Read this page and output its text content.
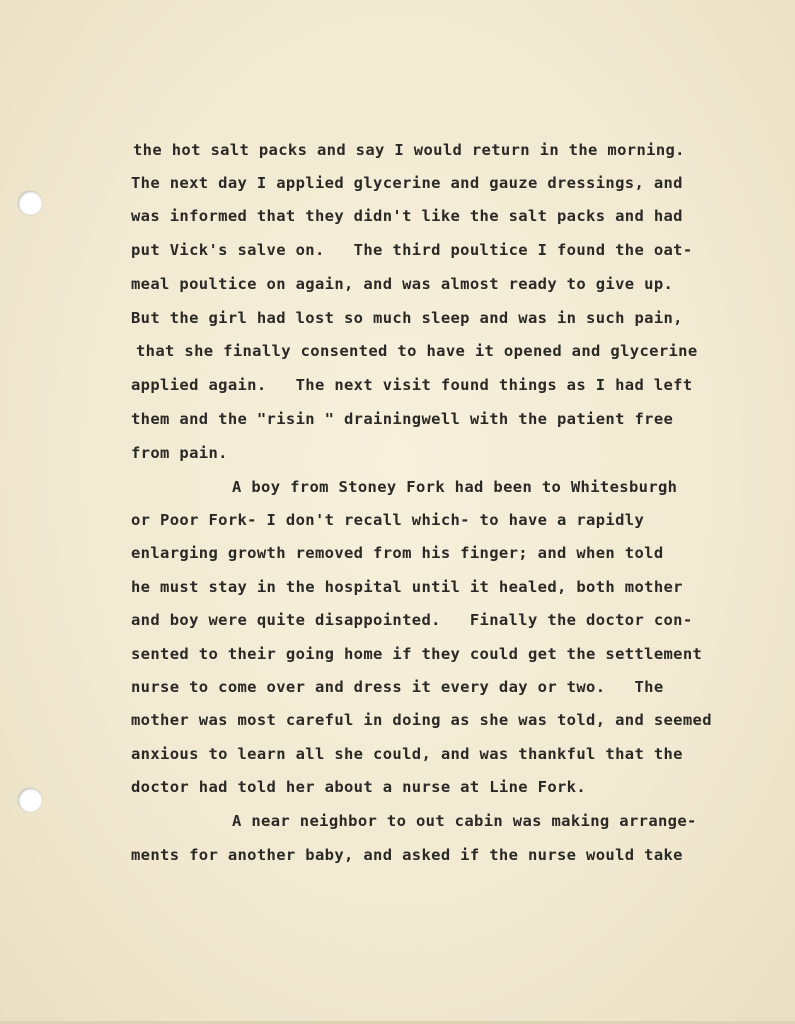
the hot salt packs and say I would return in the morning.

The next day I applied glycerine and gauze dressings, and

was informed that they didn't like the salt packs and had

put Vick's salve on.   The third poultice I found the oat-

meal poultice on again, and was almost ready to give up.

But the girl had lost so much sleep and was in such pain,

that she finally consented to have it opened and glycerine

applied again.   The next visit found things as I had left

them and the "risin " drainingwell with the patient free

from pain.

A boy from Stoney Fork had been to Whitesburgh

or Poor Fork- I don't recall which- to have a rapidly

enlarging growth removed from his finger; and when told

he must stay in the hospital until it healed, both mother

and boy were quite disappointed.   Finally the doctor con-

sented to their going home if they could get the settlement

nurse to come over and dress it every day or two.   The

mother was most careful in doing as she was told, and seemed

anxious to learn all she could, and was thankful that the

doctor had told her about a nurse at Line Fork.

A near neighbor to out cabin was making arrange-

ments for another baby, and asked if the nurse would take
